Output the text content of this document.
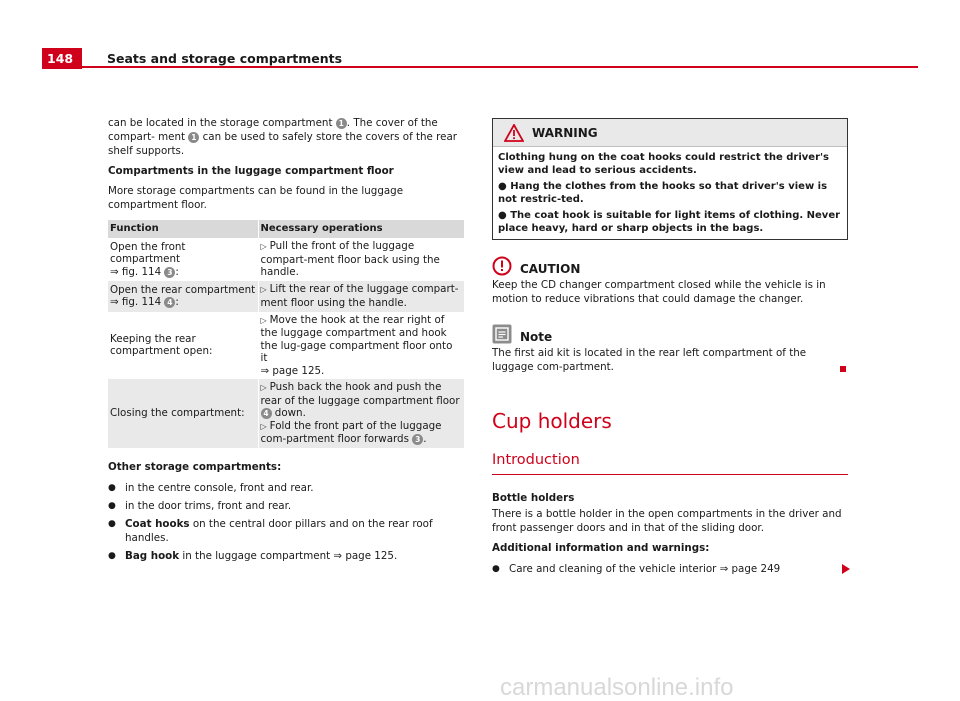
148	Seats and storage compartments

can be located in the storage compartment 1 . The cover of the compart- ment 1 can be used to safely store the covers of the rear shelf supports.

Compartments in the luggage compartment floor

More storage compartments can be found in the luggage compartment floor.

Function	Necessary operations
Open the front compartment
⇒ fig. 114 3 :	▷ Pull the front of the luggage compart-ment floor back using the handle.
Open the rear compartment
⇒ fig. 114 4 :	▷ Lift the rear of the luggage compart-ment floor using the handle.
Keeping the rear compartment open:	▷ Move the hook at the rear right of the luggage compartment and hook the lug-gage compartment floor onto it
⇒ page 125.
Closing the compartment:	▷ Push back the hook and push the rear of the luggage compartment floor 4 down.
▷ Fold the front part of the luggage com-partment floor forwards 3 .

Other storage compartments:

● in the centre console, front and rear.
● in the door trims, front and rear.
● Coat hooks on the central door pillars and on the rear roof handles.
● Bag hook in the luggage compartment ⇒ page 125.
WARNING
Clothing hung on the coat hooks could restrict the driver's view and lead to serious accidents.
● Hang the clothes from the hooks so that driver's view is not restric-ted.
● The coat hook is suitable for light items of clothing. Never place heavy, hard or sharp objects in the bags.
CAUTION

Keep the CD changer compartment closed while the vehicle is in motion to reduce vibrations that could damage the changer.

Note

The first aid kit is located in the rear left compartment of the luggage com-partment.

Cup holders
Introduction

Bottle holders

There is a bottle holder in the open compartments in the driver and front passenger doors and in that of the sliding door.

Additional information and warnings:

● Care and cleaning of the vehicle interior ⇒ page 249
carmanualsonline.info
